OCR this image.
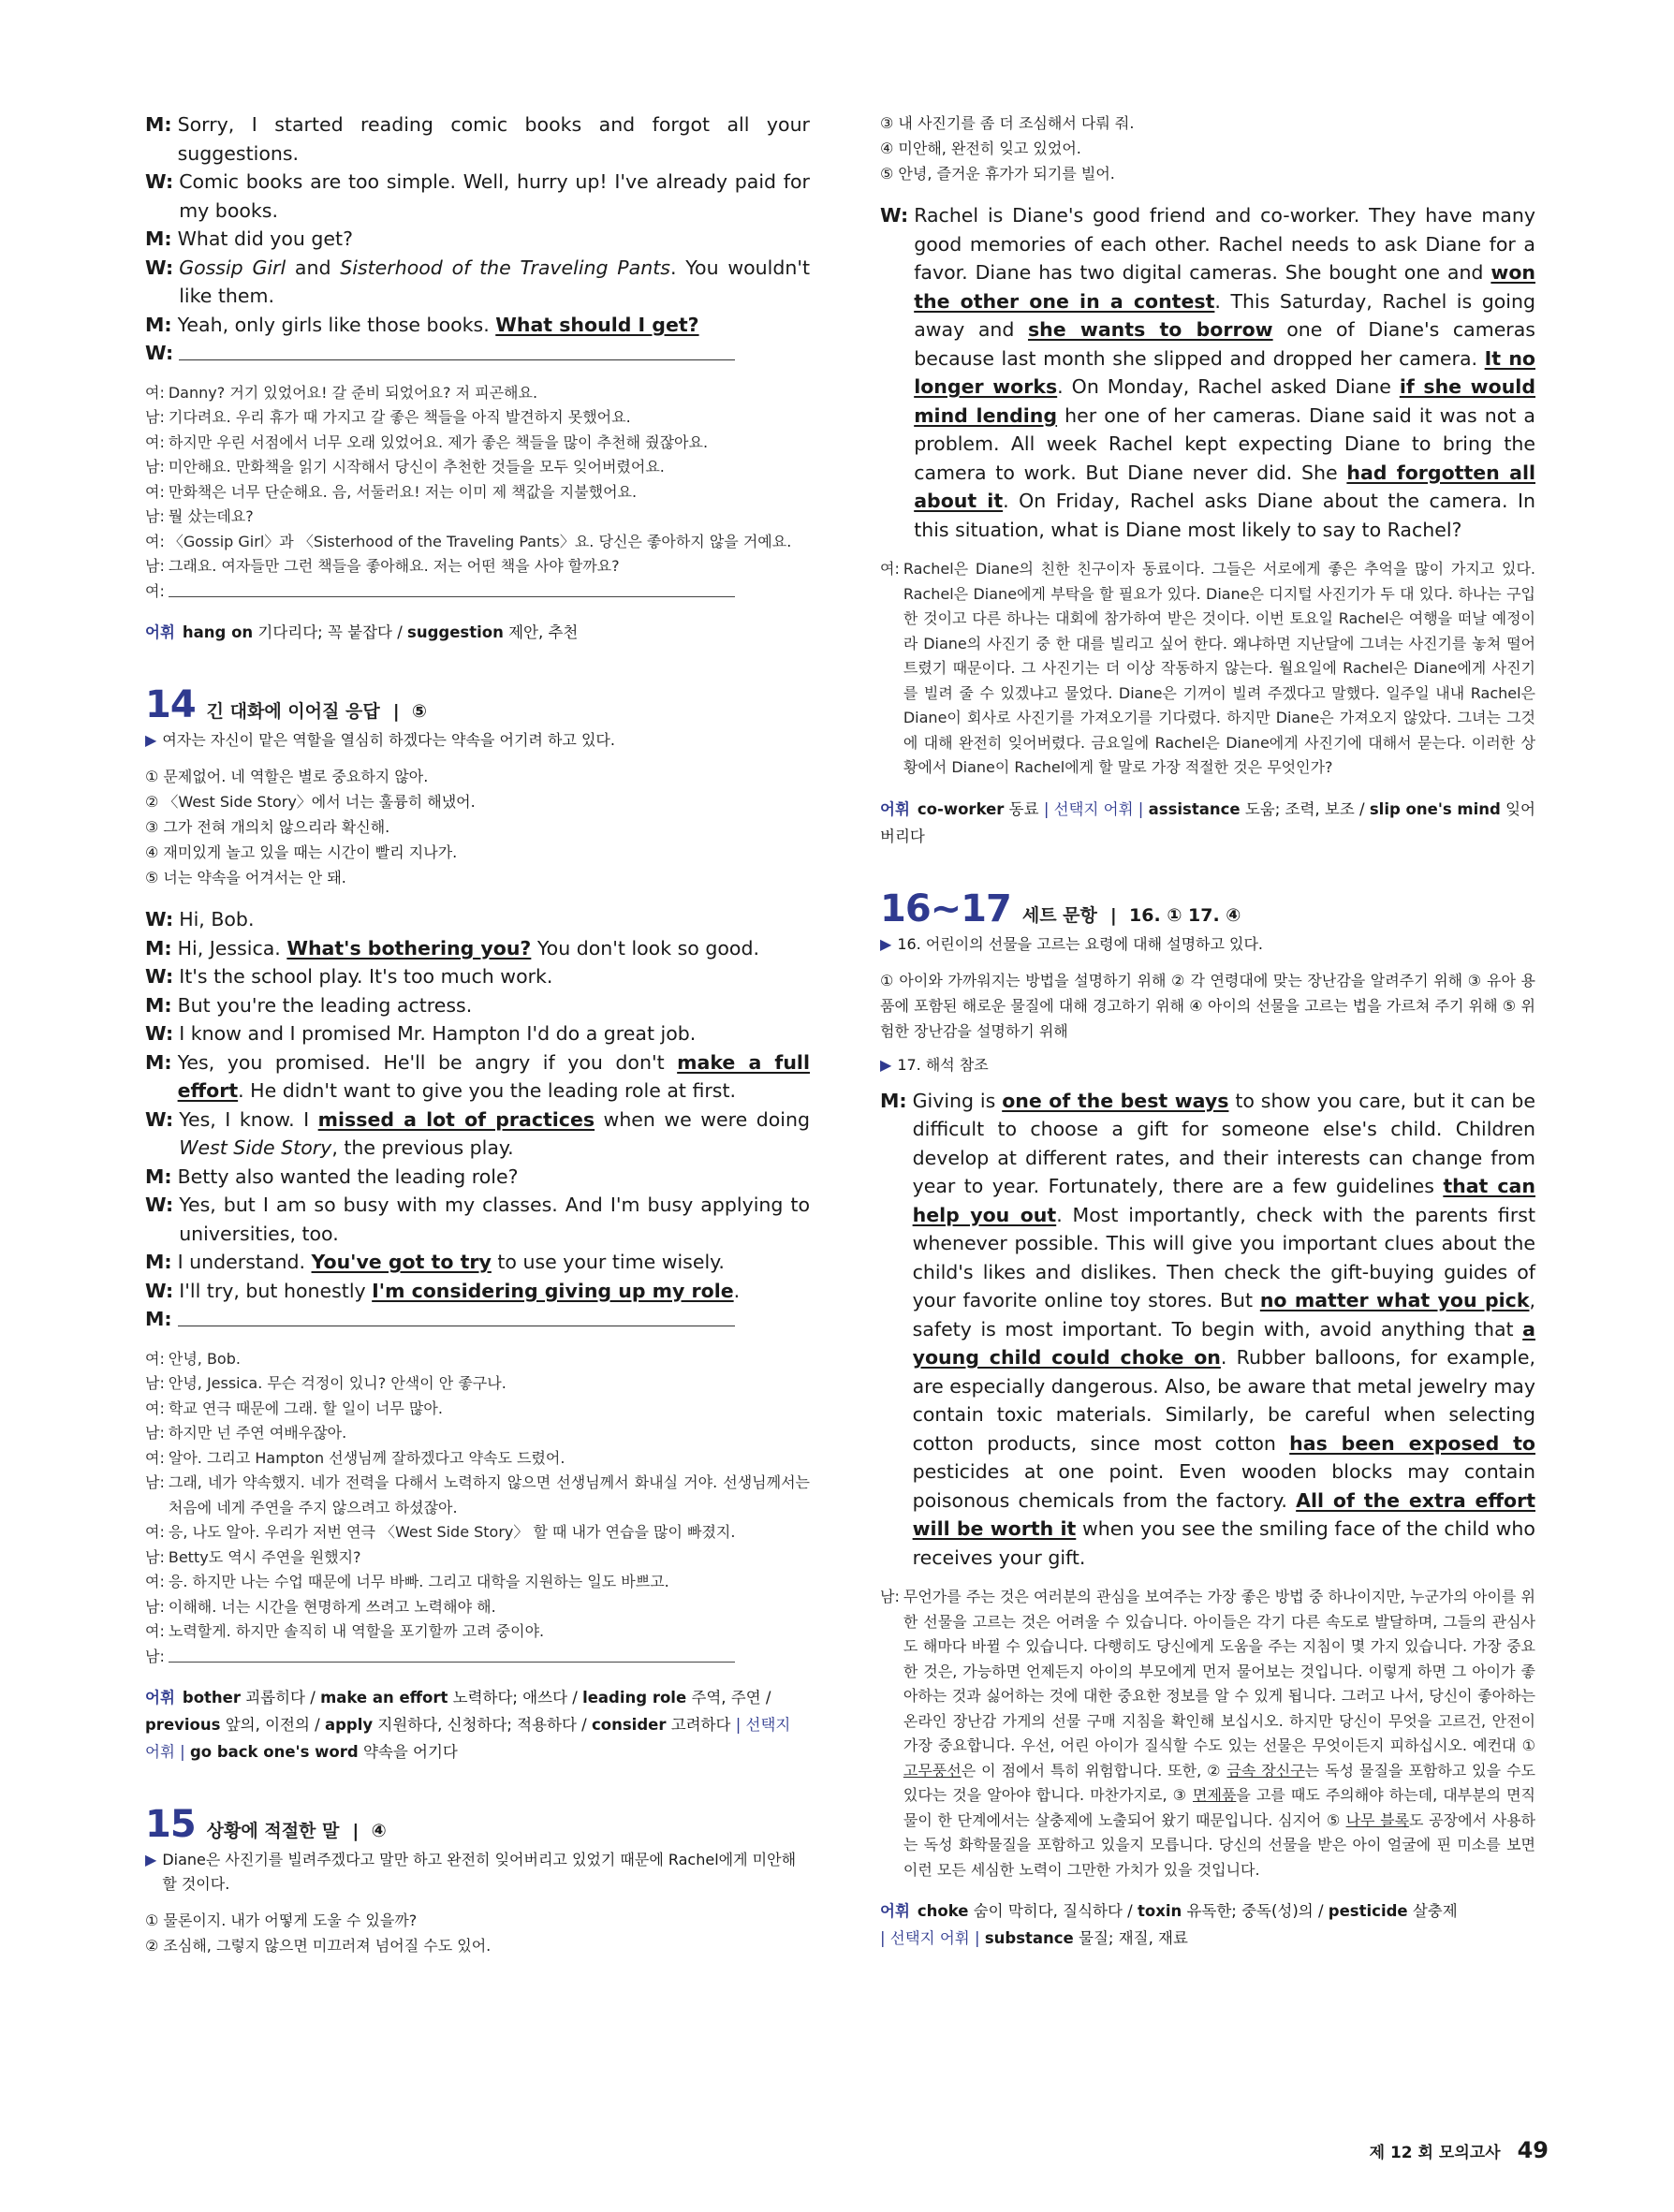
M: Sorry, I started reading comic books and forgot all your suggestions.
W: Comic books are too simple. Well, hurry up! I've already paid for my books.
M: What did you get?
W: Gossip Girl and Sisterhood of the Traveling Pants. You wouldn't like them.
M: Yeah, only girls like those books. What should I get?
W:
여: Danny? 거기 있었어요! 갈 준비 되었어요? 저 피곤해요.
남: 기다려요. 우리 휴가 때 가지고 갈 좋은 책들을 아직 발견하지 못했어요.
여: 하지만 우린 서점에서 너무 오래 있었어요. 제가 좋은 책들을 많이 추천해 줬잖아요.
남: 미안해요. 만화책을 읽기 시작해서 당신이 추천한 것들을 모두 잊어버렸어요.
여: 만화책은 너무 단순해요. 음, 서둘러요! 저는 이미 제 책값을 지불했어요.
남: 뭘 샀는데요?
여: 〈Gossip Girl〉과 〈Sisterhood of the Traveling Pants〉요. 당신은 좋아하지 않을 거예요.
남: 그래요. 여자들만 그런 책들을 좋아해요. 저는 어떤 책을 사야 할까요?
여:
어휘 hang on 기다리다; 꼭 붙잡다 / suggestion 제안, 추천
14 긴 대화에 이어질 응답 |  ⑤
▶ 여자는 자신이 맡은 역할을 열심히 하겠다는 약속을 어기려 하고 있다.
① 문제없어. 네 역할은 별로 중요하지 않아.
② 〈West Side Story〉에서 너는 훌륭히 해냈어.
③ 그가 전혀 개의치 않으리라 확신해.
④ 재미있게 놀고 있을 때는 시간이 빨리 지나가.
⑤ 너는 약속을 어겨서는 안 돼.
W: Hi, Bob.
M: Hi, Jessica. What's bothering you? You don't look so good.
W: It's the school play. It's too much work.
M: But you're the leading actress.
W: I know and I promised Mr. Hampton I'd do a great job.
M: Yes, you promised. He'll be angry if you don't make a full effort. He didn't want to give you the leading role at first.
W: Yes, I know. I missed a lot of practices when we were doing West Side Story, the previous play.
M: Betty also wanted the leading role?
W: Yes, but I am so busy with my classes. And I'm busy applying to universities, too.
M: I understand. You've got to try to use your time wisely.
W: I'll try, but honestly I'm considering giving up my role.
M:
여: 안녕, Bob.
남: 안녕, Jessica. 무슨 걱정이 있니? 안색이 안 좋구나.
여: 학교 연극 때문에 그래. 할 일이 너무 많아.
남: 하지만 넌 주연 여배우잖아.
여: 알아. 그리고 Hampton 선생님께 잘하겠다고 약속도 드렸어.
남: 그래, 네가 약속했지. 네가 전력을 다해서 노력하지 않으면 선생님께서 화내실 거야. 선생님께서는 처음에 네게 주연을 주지 않으려고 하셨잖아.
여: 응, 나도 알아. 우리가 저번 연극 〈West Side Story〉 할 때 내가 연습을 많이 빠졌지.
남: Betty도 역시 주연을 원했지?
여: 응. 하지만 나는 수업 때문에 너무 바빠. 그리고 대학을 지원하는 일도 바쁘고.
남: 이해해. 너는 시간을 현명하게 쓰려고 노력해야 해.
여: 노력할게. 하지만 솔직히 내 역할을 포기할까 고려 중이야.
남:
어휘 bother 괴롭히다 / make an effort 노력하다; 애쓰다 / leading role 주역, 주연 / previous 앞의, 이전의 / apply 지원하다, 신청하다; 적용하다 / consider 고려하다 | 선택지 어휘 | go back one's word 약속을 어기다
15 상황에 적절한 말 |  ④
▶ Diane은 사진기를 빌려주겠다고 말만 하고 완전히 잊어버리고 있었기 때문에 Rachel에게 미안해할 것이다.
① 물론이지. 내가 어떻게 도울 수 있을까?
② 조심해, 그렇지 않으면 미끄러져 넘어질 수도 있어.
③ 내 사진기를 좀 더 조심해서 다뤄 줘.
④ 미안해, 완전히 잊고 있었어.
⑤ 안녕, 즐거운 휴가가 되기를 빌어.
W: Rachel is Diane's good friend and co-worker. They have many good memories of each other. Rachel needs to ask Diane for a favor. Diane has two digital cameras. She bought one and won the other one in a contest. This Saturday, Rachel is going away and she wants to borrow one of Diane's cameras because last month she slipped and dropped her camera. It no longer works. On Monday, Rachel asked Diane if she would mind lending her one of her cameras. Diane said it was not a problem. All week Rachel kept expecting Diane to bring the camera to work. But Diane never did. She had forgotten all about it. On Friday, Rachel asks Diane about the camera. In this situation, what is Diane most likely to say to Rachel?
여: Rachel은 Diane의 친한 친구이자 동료이다. 그들은 서로에게 좋은 추억을 많이 가지고 있다. Rachel은 Diane에게 부탁을 할 필요가 있다. Diane은 디지털 사진기가 두 대 있다. 하나는 구입한 것이고 다른 하나는 대회에 참가하여 받은 것이다. 이번 토요일 Rachel은 여행을 떠날 예정이라 Diane의 사진기 중 한 대를 빌리고 싶어 한다. 왜냐하면 지난달에 그녀는 사진기를 놓쳐 떨어트렸기 때문이다. 그 사진기는 더 이상 작동하지 않는다. 월요일에 Rachel은 Diane에게 사진기를 빌려 줄 수 있겠냐고 물었다. Diane은 기꺼이 빌려 주겠다고 말했다. 일주일 내내 Rachel은 Diane이 회사로 사진기를 가져오기를 기다렸다. 하지만 Diane은 가져오지 않았다. 그녀는 그것에 대해 완전히 잊어버렸다. 금요일에 Rachel은 Diane에게 사진기에 대해서 묻는다. 이러한 상황에서 Diane이 Rachel에게 할 말로 가장 적절한 것은 무엇인가?
어휘 co-worker 동료 | 선택지 어휘 | assistance 도움; 조력, 보조 / slip one's mind 잊어버리다
16~17 세트 문항 |  16. ① 17. ④
▶ 16. 어린이의 선물을 고르는 요령에 대해 설명하고 있다.
① 아이와 가까워지는 방법을 설명하기 위해 ② 각 연령대에 맞는 장난감을 알려주기 위해 ③ 유아 용품에 포함된 해로운 물질에 대해 경고하기 위해 ④ 아이의 선물을 고르는 법을 가르쳐 주기 위해 ⑤ 위험한 장난감을 설명하기 위해
▶ 17. 해석 참조
M: Giving is one of the best ways to show you care, but it can be difficult to choose a gift for someone else's child. Children develop at different rates, and their interests can change from year to year. Fortunately, there are a few guidelines that can help you out. Most importantly, check with the parents first whenever possible. This will give you important clues about the child's likes and dislikes. Then check the gift-buying guides of your favorite online toy stores. But no matter what you pick, safety is most important. To begin with, avoid anything that a young child could choke on. Rubber balloons, for example, are especially dangerous. Also, be aware that metal jewelry may contain toxic materials. Similarly, be careful when selecting cotton products, since most cotton has been exposed to pesticides at one point. Even wooden blocks may contain poisonous chemicals from the factory. All of the extra effort will be worth it when you see the smiling face of the child who receives your gift.
남: 무언가를 주는 것은 여러분의 관심을 보여주는 가장 좋은 방법 중 하나이지만, 누군가의 아이를 위한 선물을 고르는 것은 어려울 수 있습니다. 아이들은 각기 다른 속도로 발달하며, 그들의 관심사도 해마다 바뀔 수 있습니다. 다행히도 당신에게 도움을 주는 지침이 몇 가지 있습니다. 가장 중요한 것은, 가능하면 언제든지 아이의 부모에게 먼저 물어보는 것입니다. 이렇게 하면 그 아이가 좋아하는 것과 싫어하는 것에 대한 중요한 정보를 알 수 있게 됩니다. 그러고 나서, 당신이 좋아하는 온라인 장난감 가게의 선물 구매 지침을 확인해 보십시오. 하지만 당신이 무엇을 고르건, 안전이 가장 중요합니다. 우선, 어린 아이가 질식할 수도 있는 선물은 무엇이든지 피하십시오. 예컨대 ① 고무풍선은 이 점에서 특히 위험합니다. 또한, ② 금속 장신구는 독성 물질을 포함하고 있을 수도 있다는 것을 알아야 합니다. 마찬가지로, ③ 면제품을 고를 때도 주의해야 하는데, 대부분의 면직물이 한 단계에서는 살충제에 노출되어 왔기 때문입니다. 심지어 ⑤ 나무 블록도 공장에서 사용하는 독성 화학물질을 포함하고 있을지 모릅니다. 당신의 선물을 받은 아이 얼굴에 핀 미소를 보면 이런 모든 세심한 노력이 그만한 가치가 있을 것입니다.
어휘 choke 숨이 막히다, 질식하다 / toxin 유독한; 중독(성)의 / pesticide 살충제
| 선택지 어휘 | substance 물질; 재질, 재료
제 12 회 모의고사 49
